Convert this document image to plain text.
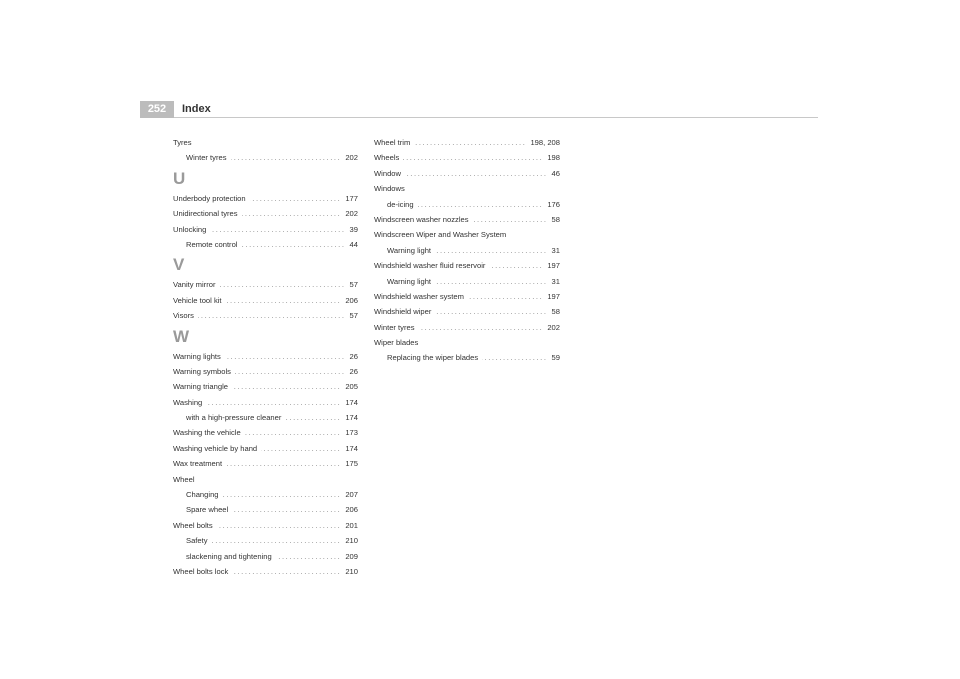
252	Index
Tyres
Winter tyres .....	202
U
Underbody protection .....	177
Unidirectional tyres .....	202
Unlocking .....	39
Remote control .....	44
V
Vanity mirror .....	57
Vehicle tool kit .....	206
Visors .....	57
W
Warning lights .....	26
Warning symbols .....	26
Warning triangle .....	205
Washing .....	174
with a high-pressure cleaner .....	174
Washing the vehicle .....	173
Washing vehicle by hand .....	174
Wax treatment .....	175
Wheel
Changing .....	207
Spare wheel .....	206
Wheel bolts .....	201
Safety .....	210
slackening and tightening .....	209
Wheel bolts lock .....	210
Wheel trim .....	198, 208
Wheels .....	198
Window .....	46
Windows
de-icing .....	176
Windscreen washer nozzles .....	58
Windscreen Wiper and Washer System
Warning light .....	31
Windshield washer fluid reservoir .....	197
Warning light .....	31
Windshield washer system .....	197
Windshield wiper .....	58
Winter tyres .....	202
Wiper blades
Replacing the wiper blades .....	59
